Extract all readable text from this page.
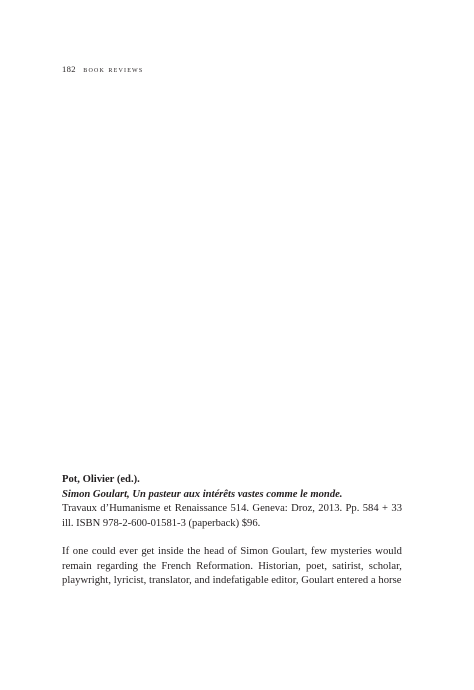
182 book reviews

Pot, Olivier (ed.).

Simon Goulart, Un pasteur aux intérêts vastes comme le monde.

Travaux d’Humanisme et Renaissance 514. Geneva: Droz, 2013. Pp. 584 + 33 ill. ISBN 978-2-600-01581-3 (paperback) $96.

If one could ever get inside the head of Simon Goulart, few mysteries would remain regarding the French Reformation. Historian, poet, satirist, scholar, playwright, lyricist, translator, and indefatigable editor, Goulart entered a horse
